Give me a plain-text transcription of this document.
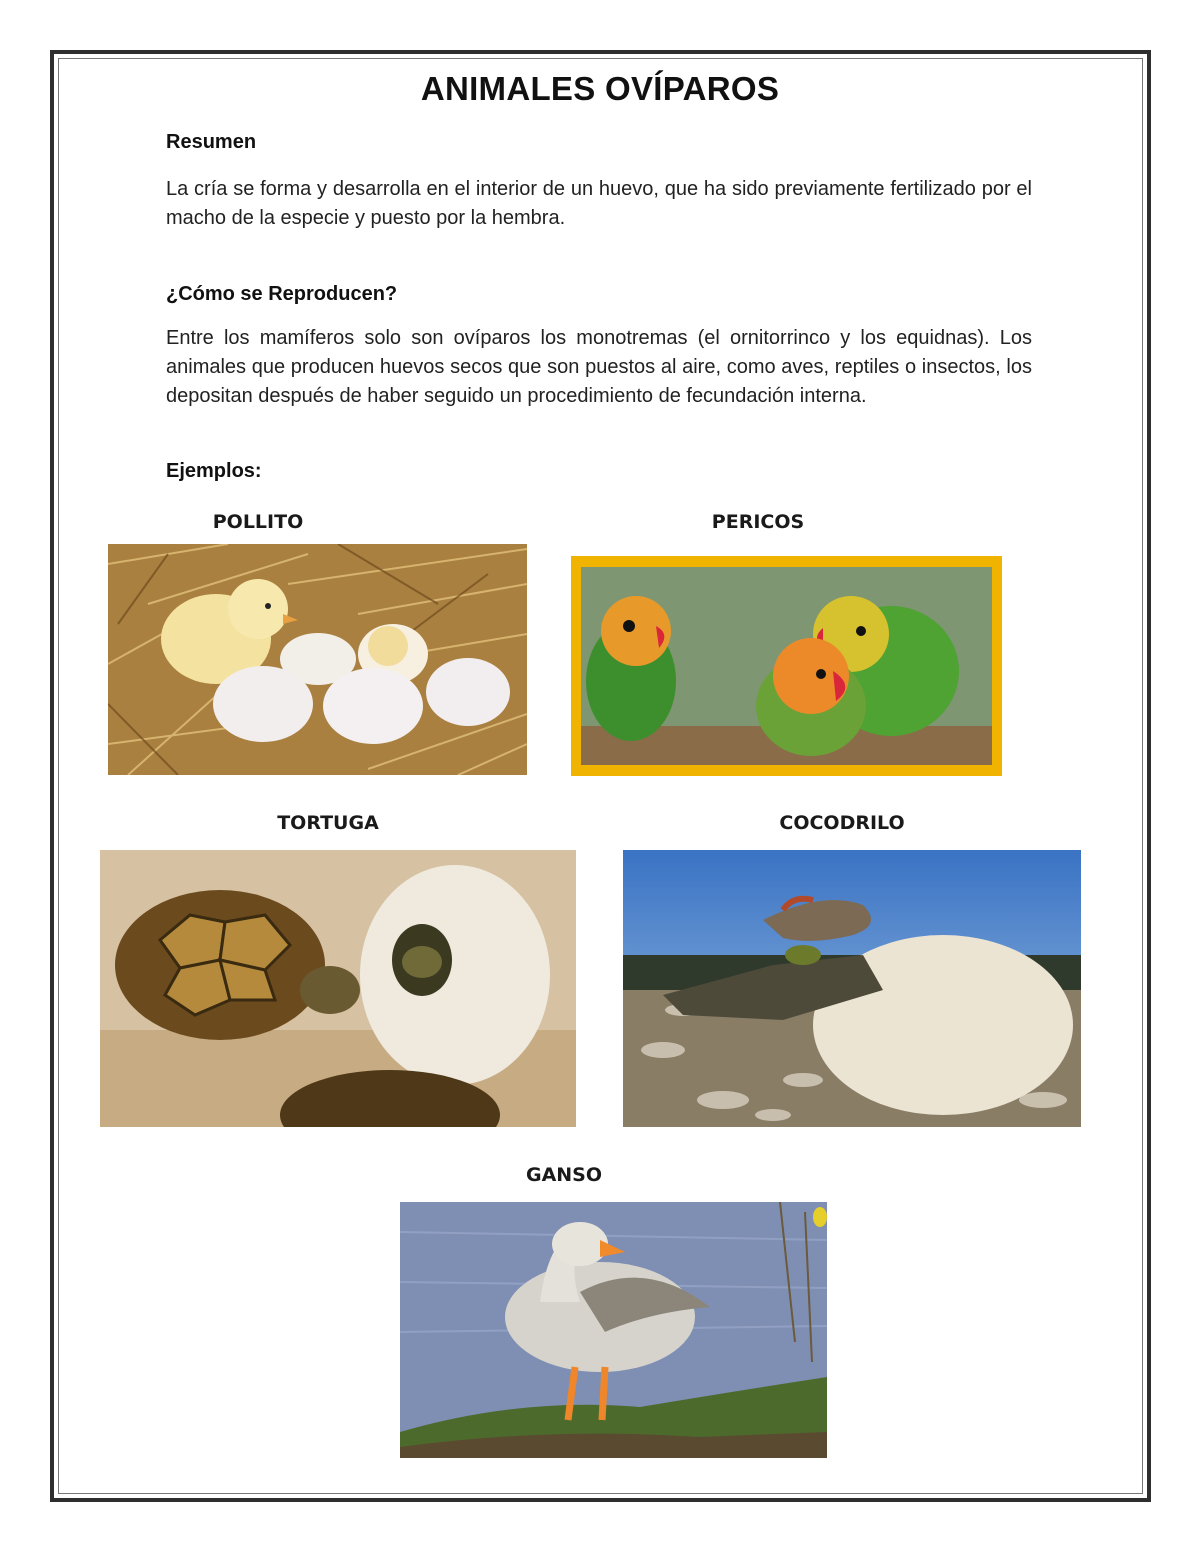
ANIMALES OVÍPAROS
Resumen

La cría se forma y desarrolla en el interior de un huevo, que ha sido previamente fertilizado por el macho de la especie y puesto por la hembra.

¿Cómo se Reproducen?

Entre los mamíferos solo son ovíparos los monotremas (el ornitorrinco y los equidnas). Los animales que producen huevos secos que son puestos al aire, como aves, reptiles o insectos, los depositan después de haber seguido un procedimiento de fecundación interna.

Ejemplos:
POLLITO	PERICOS
TORTUGA	COCODRILO
GANSO
